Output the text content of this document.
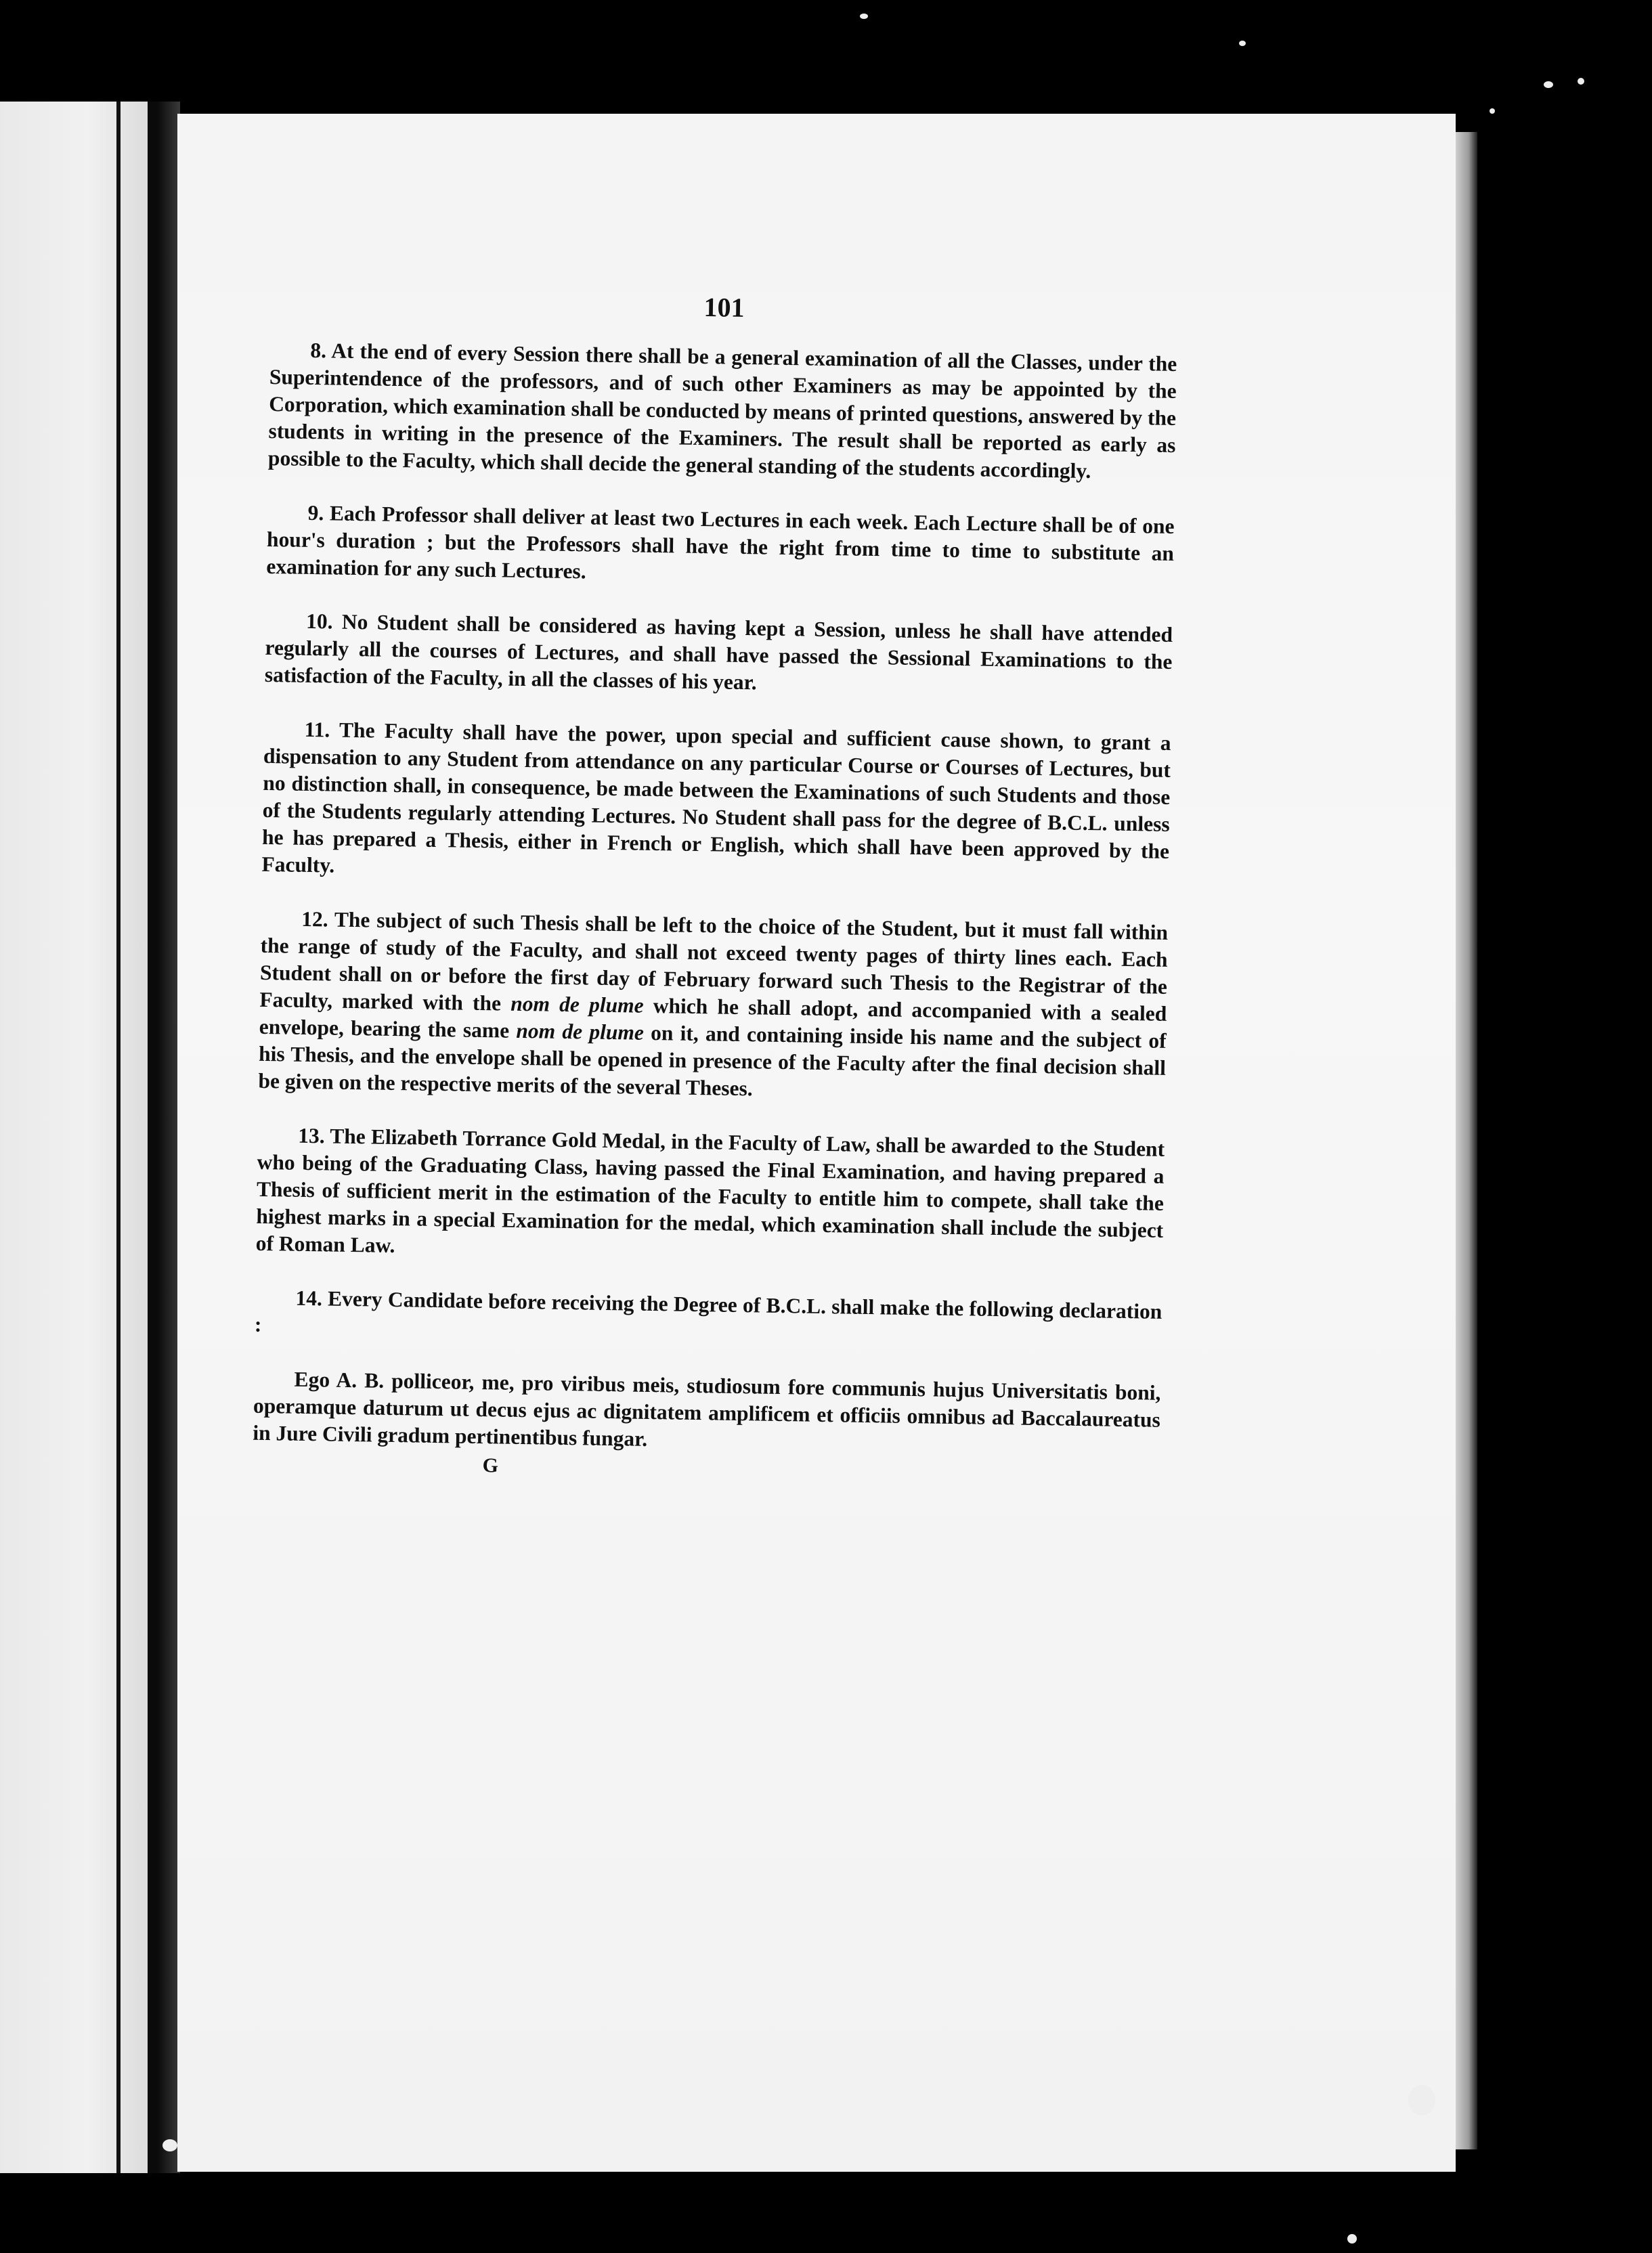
101

8. At the end of every Session there shall be a general examination of all the Classes, under the Superintendence of the professors, and of such other Examiners as may be appointed by the Corporation, which examination shall be conducted by means of printed questions, answered by the students in writing in the presence of the Examiners. The result shall be reported as early as possible to the Faculty, which shall decide the general standing of the students accordingly.

9. Each Professor shall deliver at least two Lectures in each week. Each Lecture shall be of one hour's duration ; but the Professors shall have the right from time to time to substitute an examination for any such Lectures.

10. No Student shall be considered as having kept a Session, unless he shall have attended regularly all the courses of Lectures, and shall have passed the Sessional Examinations to the satisfaction of the Faculty, in all the classes of his year.

11. The Faculty shall have the power, upon special and sufficient cause shown, to grant a dispensation to any Student from attendance on any particular Course or Courses of Lectures, but no distinction shall, in consequence, be made between the Examinations of such Students and those of the Students regularly attending Lectures. No Student shall pass for the degree of B.C.L. unless he has prepared a Thesis, either in French or English, which shall have been approved by the Faculty.

12. The subject of such Thesis shall be left to the choice of the Student, but it must fall within the range of study of the Faculty, and shall not exceed twenty pages of thirty lines each. Each Student shall on or before the first day of February forward such Thesis to the Registrar of the Faculty, marked with the nom de plume which he shall adopt, and accompanied with a sealed envelope, bearing the same nom de plume on it, and containing inside his name and the subject of his Thesis, and the envelope shall be opened in presence of the Faculty after the final decision shall be given on the respective merits of the several Theses.

13. The Elizabeth Torrance Gold Medal, in the Faculty of Law, shall be awarded to the Student who being of the Graduating Class, having passed the Final Examination, and having prepared a Thesis of sufficient merit in the estimation of the Faculty to entitle him to compete, shall take the highest marks in a special Examination for the medal, which examination shall include the subject of Roman Law.

14. Every Candidate before receiving the Degree of B.C.L. shall make the following declaration :

Ego A. B. polliceor, me, pro viribus meis, studiosum fore communis hujus Universitatis boni, operamque daturum ut decus ejus ac dignitatem amplificem et officiis omnibus ad Baccalaureatus in Jure Civili gradum pertinentibus fungar.

G
